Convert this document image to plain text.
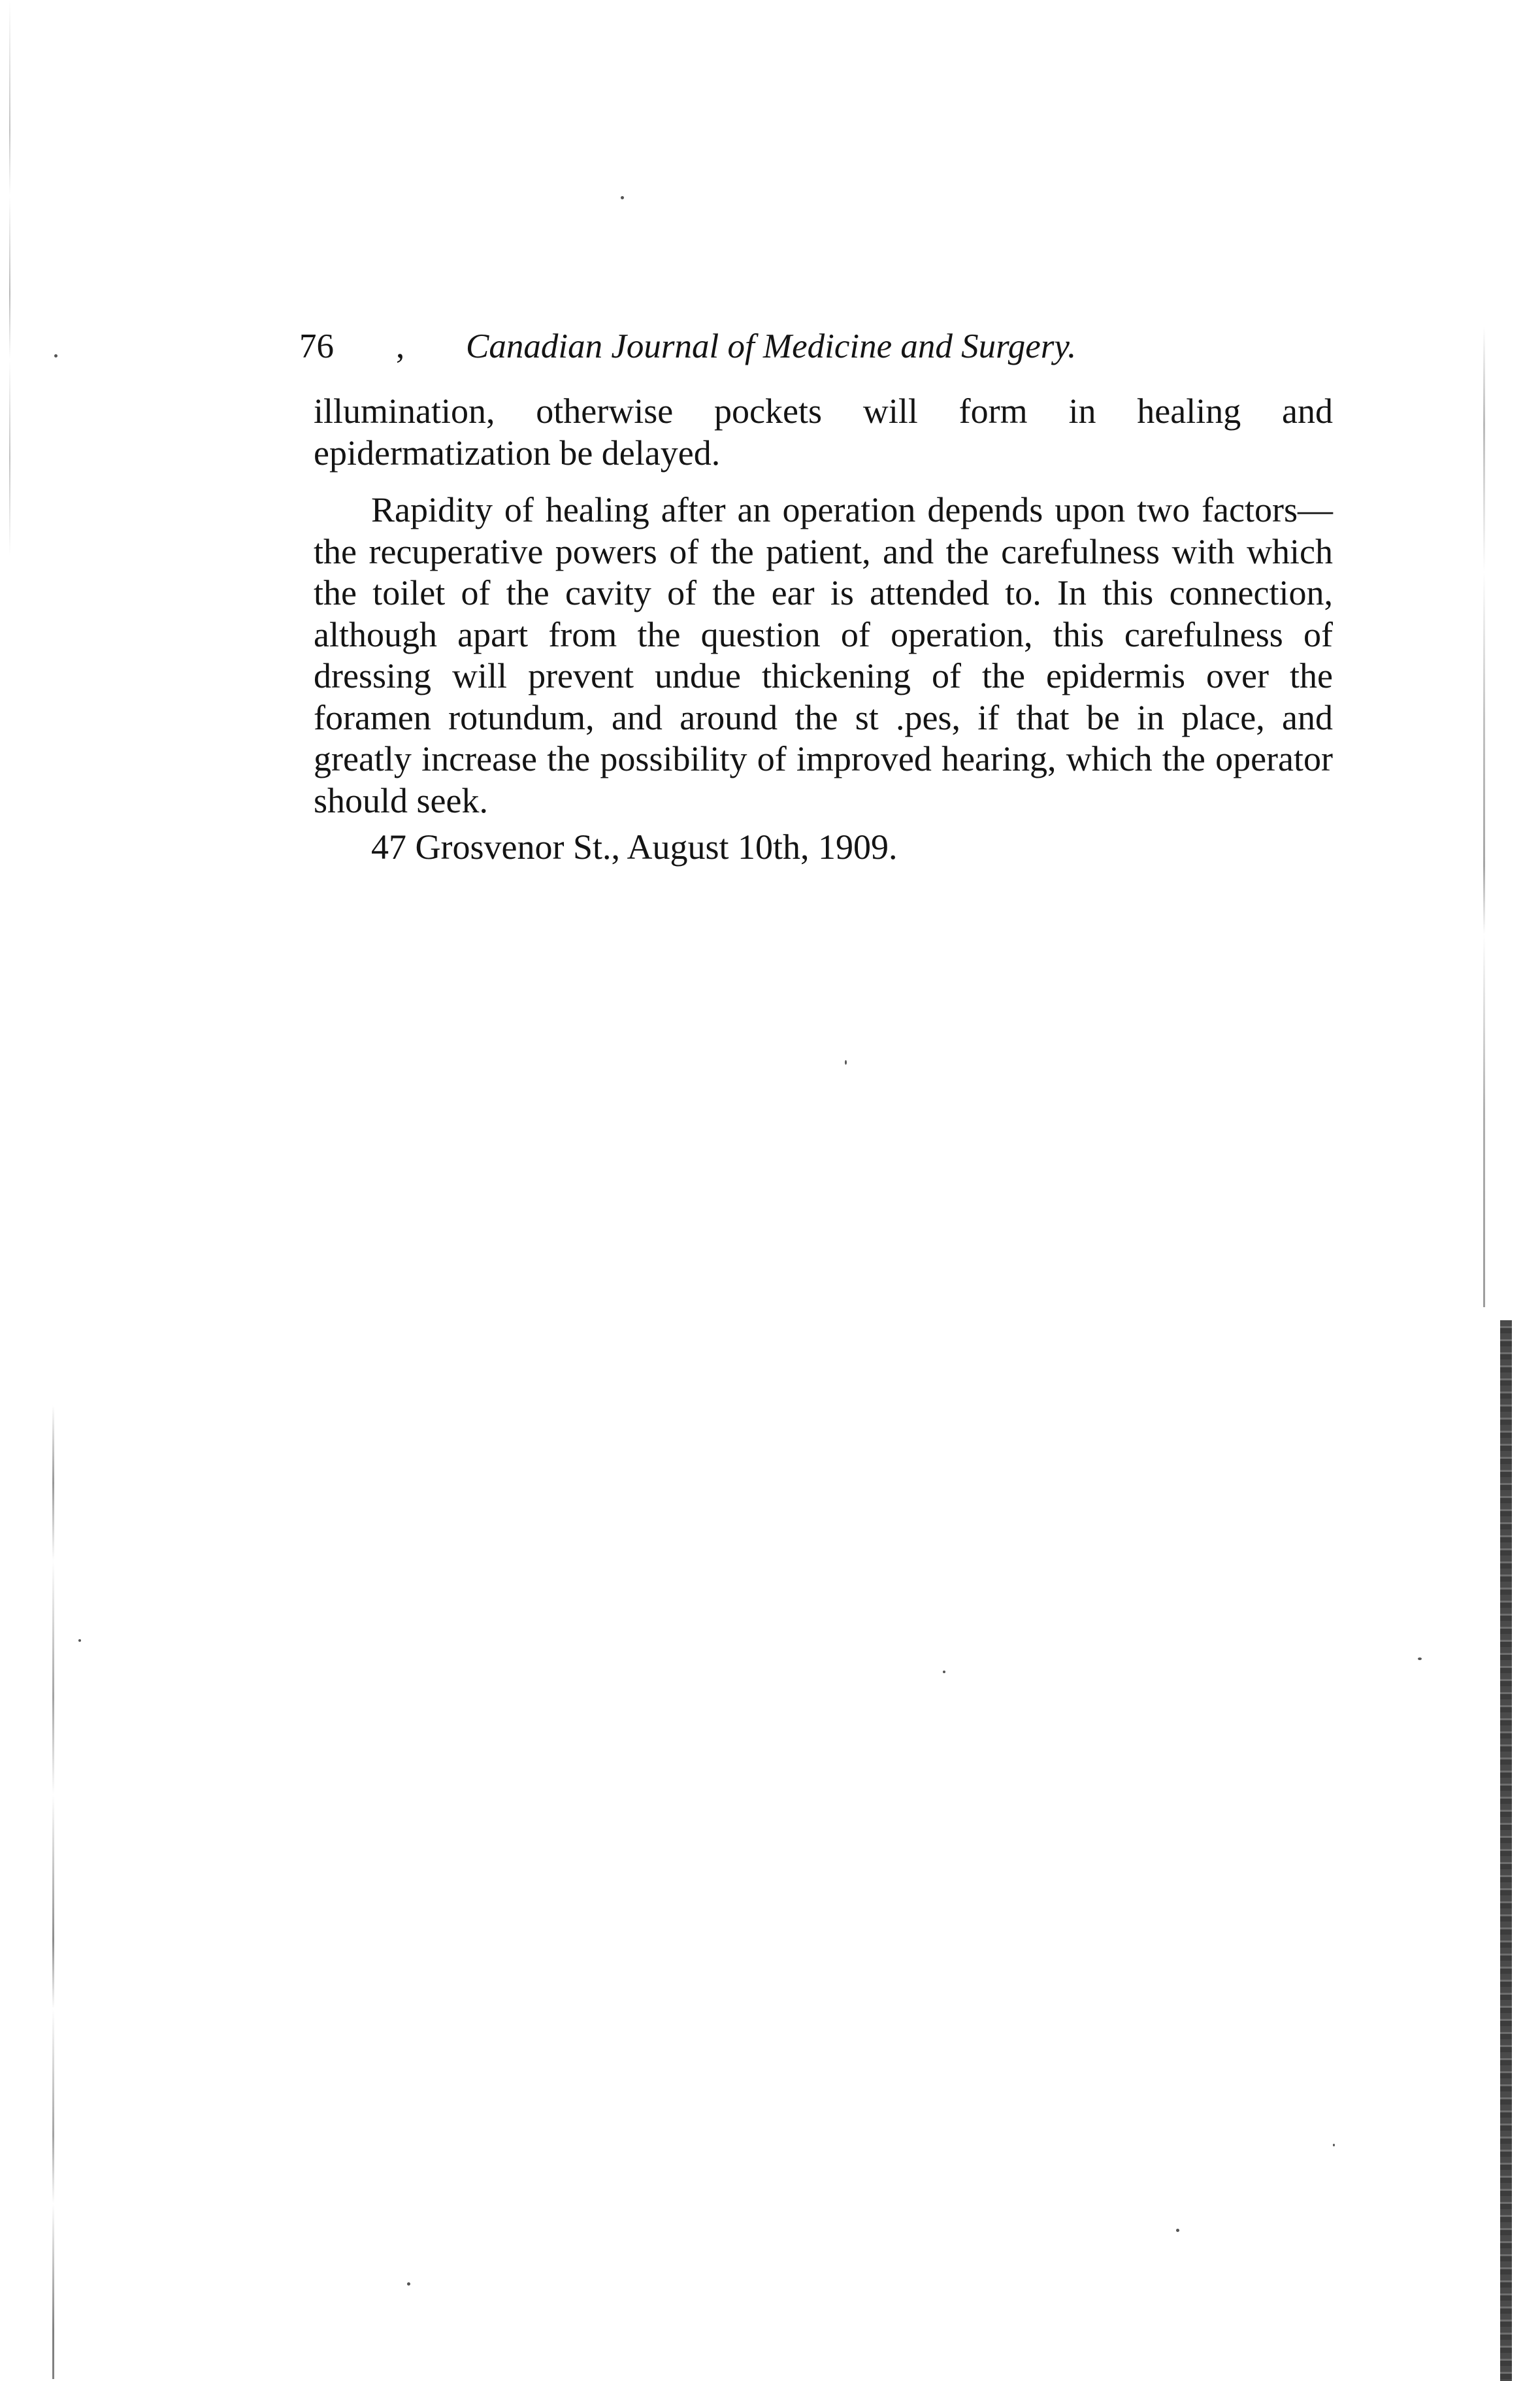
76 , Canadian Journal of Medicine and Surgery.

illumination, otherwise pockets will form in healing and epidermatization be delayed.

Rapidity of healing after an operation depends upon two factors—the recuperative powers of the patient, and the carefulness with which the toilet of the cavity of the ear is attended to. In this connection, although apart from the question of operation, this carefulness of dressing will prevent undue thickening of the epidermis over the foramen rotundum, and around the st .pes, if that be in place, and greatly increase the possibility of improved hearing, which the operator should seek.

47 Grosvenor St., August 10th, 1909.
